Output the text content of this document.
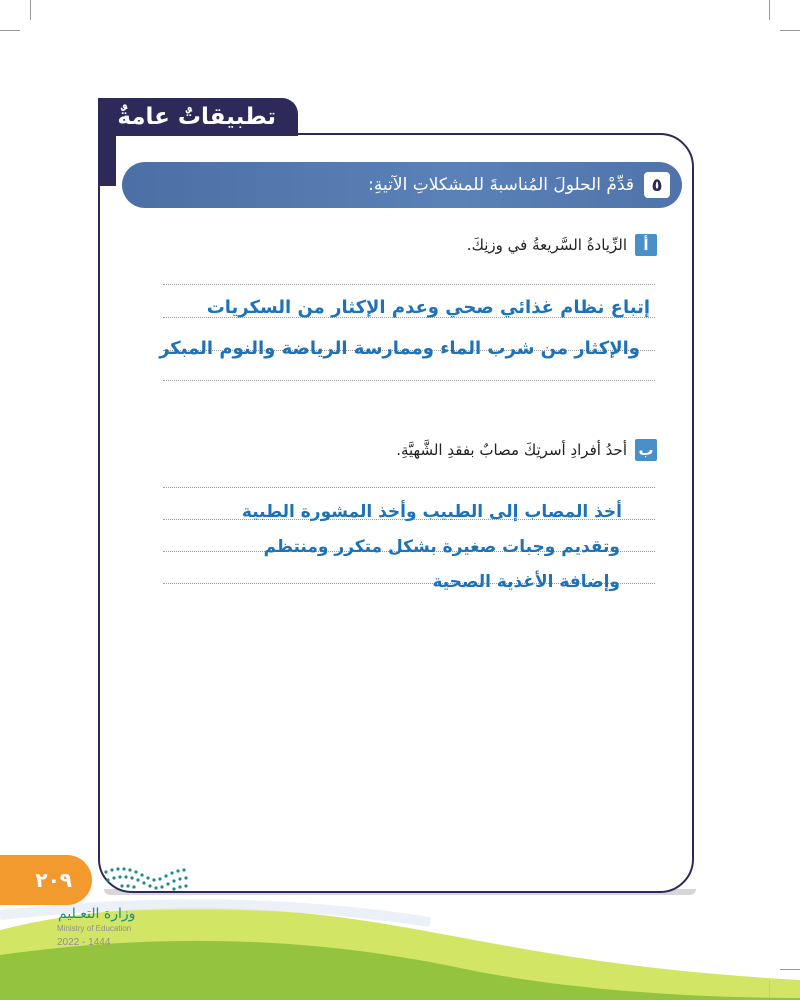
تطبيقاتٌ عامةٌ
قدِّمْ الحلولَ المُناسبةَ للمشكلاتِ الآتيةِ: ٥
أ
الزِّيادةُ السَّريعةُ في وزنِكَ.
إتباع نظام غذائي صحي وعدم الإكثار من السكريات
والإكثار من شرب الماء وممارسة الرياضة والنوم المبكر
ب
أحدُ أفرادِ أسرتِكَ مصابٌ بفقدِ الشَّهيَّةِ.
أخذ المصاب إلى الطبيب وأخذ المشورة الطبية
وتقديم وجبات صغيرة بشكل متكرر ومنتظم
وإضافة الأغذية الصحية
٢٠٩
وزارة التعـليم
Ministry of Education
2022 - 1444
